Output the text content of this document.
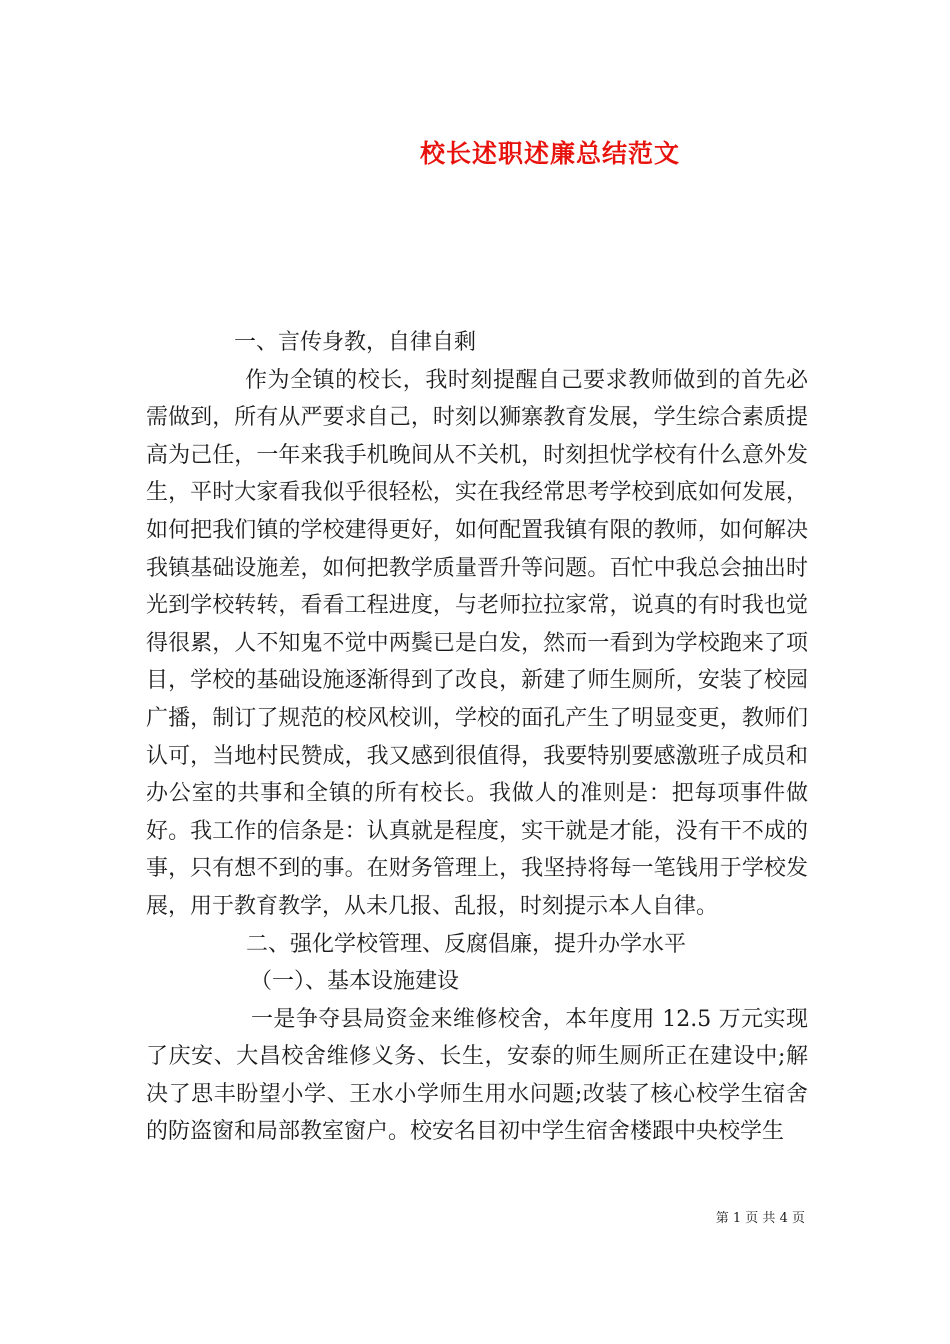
校长述职述廉总结范文

一、言传身教，自律自剩

作为全镇的校长，我时刻提醒自己要求教师做到的首先必需做到，所有从严要求自己，时刻以狮寨教育发展，学生综合素质提高为己任，一年来我手机晚间从不关机，时刻担忧学校有什么意外发生，平时大家看我似乎很轻松，实在我经常思考学校到底如何发展，如何把我们镇的学校建得更好，如何配置我镇有限的教师，如何解决我镇基础设施差，如何把教学质量晋升等问题。百忙中我总会抽出时光到学校转转，看看工程进度，与老师拉拉家常，说真的有时我也觉得很累，人不知鬼不觉中两鬓已是白发，然而一看到为学校跑来了项目，学校的基础设施逐渐得到了改良，新建了师生厕所，安装了校园广播，制订了规范的校风校训，学校的面孔产生了明显变更，教师们认可，当地村民赞成，我又感到很值得，我要特别要感激班子成员和办公室的共事和全镇的所有校长。我做人的准则是：把每项事件做好。我工作的信条是：认真就是程度，实干就是才能，没有干不成的事，只有想不到的事。在财务管理上，我坚持将每一笔钱用于学校发展，用于教育教学，从未几报、乱报，时刻提示本人自律。

二、强化学校管理、反腐倡廉，提升办学水平

（一）、基本设施建设

一是争夺县局资金来维修校舍，本年度用 12.5 万元实现了庆安、大昌校舍维修义务、长生，安泰的师生厕所正在建设中;解决了思丰盼望小学、王水小学师生用水问题;改装了核心校学生宿舍的防盗窗和局部教室窗户。校安名目初中学生宿舍楼跟中央校学生

第 1 页 共 4 页
